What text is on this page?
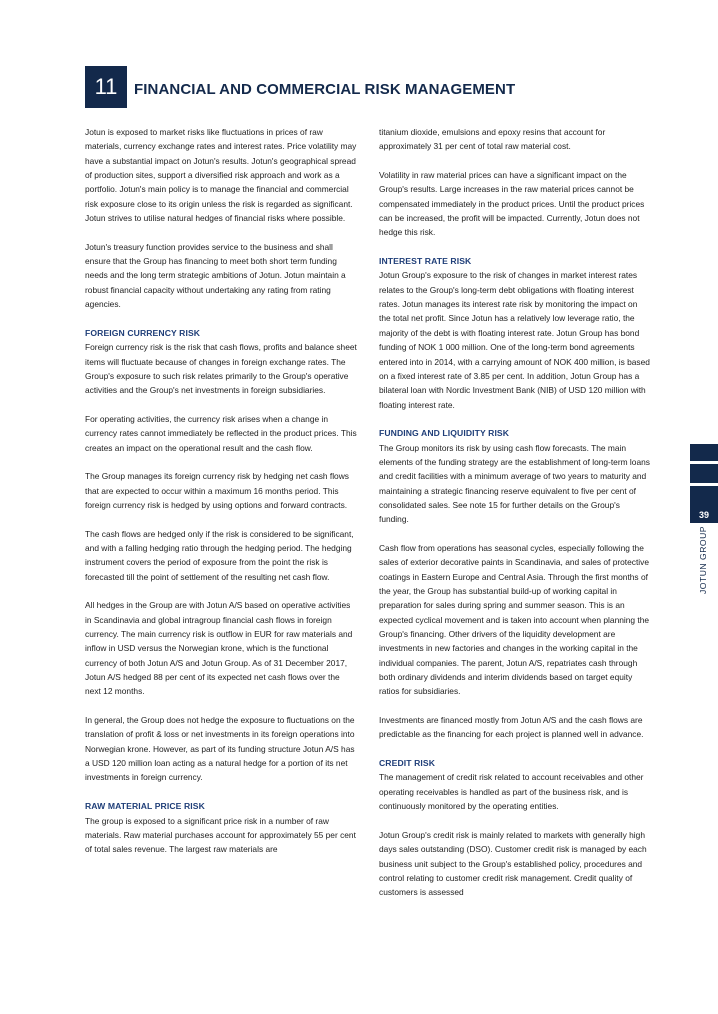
11	FINANCIAL AND COMMERCIAL RISK MANAGEMENT

Jotun is exposed to market risks like fluctuations in prices of raw materials, currency exchange rates and interest rates. Price volatility may have a substantial impact on Jotun's results. Jotun's geographical spread of production sites, support a diversified risk approach and work as a portfolio. Jotun's main policy is to manage the financial and commercial risk exposure close to its origin unless the risk is regarded as significant. Jotun strives to utilise natural hedges of financial risks where possible.

Jotun's treasury function provides service to the business and shall ensure that the Group has financing to meet both short term funding needs and the long term strategic ambitions of Jotun. Jotun maintain a robust financial capacity without undertaking any rating from rating agencies.

FOREIGN CURRENCY RISK

Foreign currency risk is the risk that cash flows, profits and balance sheet items will fluctuate because of changes in foreign exchange rates. The Group's exposure to such risk relates primarily to the Group's operative activities and the Group's net investments in foreign subsidiaries.

For operating activities, the currency risk arises when a change in currency rates cannot immediately be reflected in the product prices. This creates an impact on the operational result and the cash flow.

The Group manages its foreign currency risk by hedging net cash flows that are expected to occur within a maximum 16 months period. This foreign currency risk is hedged by using options and forward contracts.

The cash flows are hedged only if the risk is considered to be significant, and with a falling hedging ratio through the hedging period. The hedging instrument covers the period of exposure from the point the risk is forecasted till the point of settlement of the resulting net cash flow.

All hedges in the Group are with Jotun A/S based on operative activities in Scandinavia and global intragroup financial cash flows in foreign currency. The main currency risk is outflow in EUR for raw materials and inflow in USD versus the Norwegian krone, which is the functional currency of both Jotun A/S and Jotun Group. As of 31 December 2017, Jotun A/S hedged 88 per cent of its expected net cash flows over the next 12 months.

In general, the Group does not hedge the exposure to fluctuations on the translation of profit & loss or net investments in its foreign operations into Norwegian krone. However, as part of its funding structure Jotun A/S has a USD 120 million loan acting as a natural hedge for a portion of its net investments in foreign currency.

RAW MATERIAL PRICE RISK

The group is exposed to a significant price risk in a number of raw materials. Raw material purchases account for approximately 55 per cent of total sales revenue. The largest raw materials are

titanium dioxide, emulsions and epoxy resins that account for approximately 31 per cent of total raw material cost.

Volatility in raw material prices can have a significant impact on the Group's results. Large increases in the raw material prices cannot be compensated immediately in the product prices. Until the product prices can be increased, the profit will be impacted. Currently, Jotun does not hedge this risk.

INTEREST RATE RISK

Jotun Group's exposure to the risk of changes in market interest rates relates to the Group's long-term debt obligations with floating interest rates. Jotun manages its interest rate risk by monitoring the impact on the total net profit. Since Jotun has a relatively low leverage ratio, the majority of the debt is with floating interest rate. Jotun Group has bond funding of NOK 1 000 million. One of the long-term bond agreements entered into in 2014, with a carrying amount of NOK 400 million, is based on a fixed interest rate of 3.85 per cent. In addition, Jotun Group has a bilateral loan with Nordic Investment Bank (NIB) of USD 120 million with floating interest rate.

FUNDING AND LIQUIDITY RISK

The Group monitors its risk by using cash flow forecasts. The main elements of the funding strategy are the establishment of long-term loans and credit facilities with a minimum average of two years to maturity and maintaining a strategic financing reserve equivalent to five per cent of consolidated sales. See note 15 for further details on the Group's funding.

Cash flow from operations has seasonal cycles, especially following the sales of exterior decorative paints in Scandinavia, and sales of protective coatings in Eastern Europe and Central Asia. Through the first months of the year, the Group has substantial build-up of working capital in preparation for sales during spring and summer season. This is an expected cyclical movement and is taken into account when planning the Group's financing. Other drivers of the liquidity development are investments in new factories and changes in the working capital in the individual companies. The parent, Jotun A/S, repatriates cash through both ordinary dividends and interim dividends based on target equity ratios for subsidiaries.

Investments are financed mostly from Jotun A/S and the cash flows are predictable as the financing for each project is planned well in advance.

CREDIT RISK

The management of credit risk related to account receivables and other operating receivables is handled as part of the business risk, and is continuously monitored by the operating entities.

Jotun Group's credit risk is mainly related to markets with generally high days sales outstanding (DSO). Customer credit risk is managed by each business unit subject to the Group's established policy, procedures and control relating to customer credit risk management. Credit quality of customers is assessed

39
JOTUN GROUP
